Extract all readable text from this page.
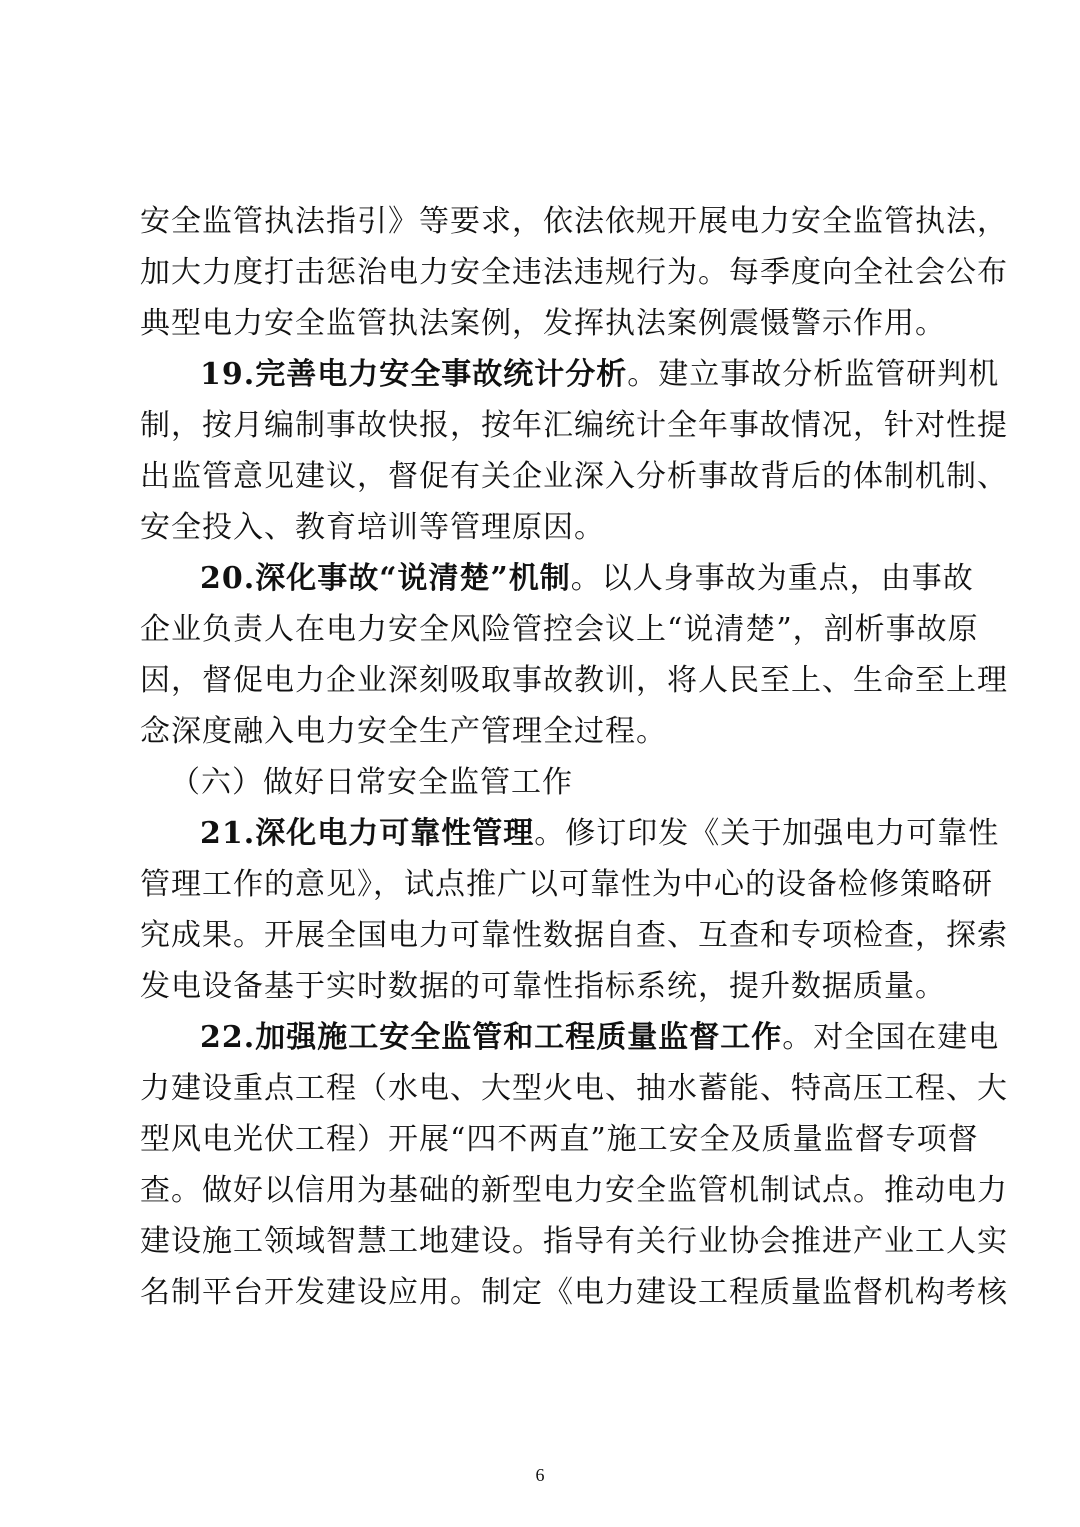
安全监管执法指引》等要求，依法依规开展电力安全监管执法，
加大力度打击惩治电力安全违法违规行为。每季度向全社会公布
典型电力安全监管执法案例，发挥执法案例震慑警示作用。
19.完善电力安全事故统计分析。建立事故分析监管研判机
制，按月编制事故快报，按年汇编统计全年事故情况，针对性提
出监管意见建议，督促有关企业深入分析事故背后的体制机制、
安全投入、教育培训等管理原因。
20.深化事故“说清楚”机制。以人身事故为重点，由事故
企业负责人在电力安全风险管控会议上“说清楚”，剖析事故原
因，督促电力企业深刻吸取事故教训，将人民至上、生命至上理
念深度融入电力安全生产管理全过程。
（六）做好日常安全监管工作
21.深化电力可靠性管理。修订印发《关于加强电力可靠性
管理工作的意见》，试点推广以可靠性为中心的设备检修策略研
究成果。开展全国电力可靠性数据自查、互查和专项检查，探索
发电设备基于实时数据的可靠性指标系统，提升数据质量。
22.加强施工安全监管和工程质量监督工作。对全国在建电
力建设重点工程（水电、大型火电、抽水蓄能、特高压工程、大
型风电光伏工程）开展“四不两直”施工安全及质量监督专项督
查。做好以信用为基础的新型电力安全监管机制试点。推动电力
建设施工领域智慧工地建设。指导有关行业协会推进产业工人实
名制平台开发建设应用。制定《电力建设工程质量监督机构考核
6
